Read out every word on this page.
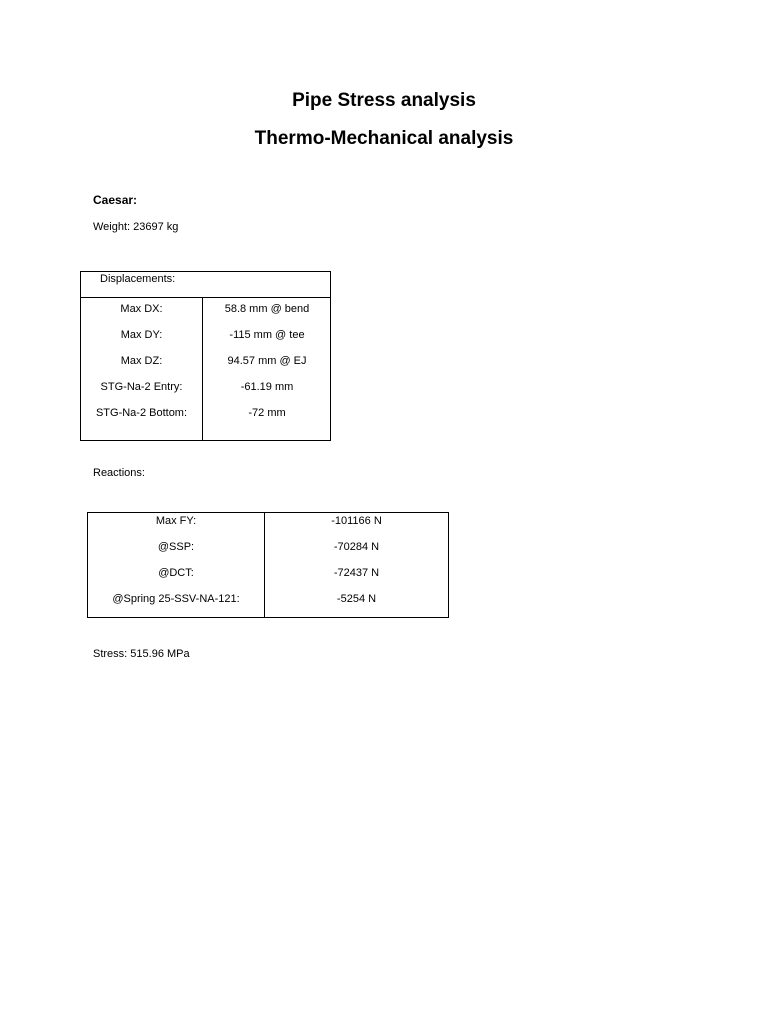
Pipe Stress analysis
Thermo-Mechanical analysis
Caesar:
Weight: 23697 kg
Displacements:
Max DX:	58.8 mm @ bend
Max DY:	-115 mm @ tee
Max DZ:	94.57 mm @ EJ
STG-Na-2 Entry:	-61.19 mm
STG-Na-2 Bottom:	-72 mm
Reactions:
Max FY:	-101166 N
@SSP:	-70284 N
@DCT:	-72437 N
@Spring 25-SSV-NA-121:	-5254 N
Stress: 515.96 MPa
